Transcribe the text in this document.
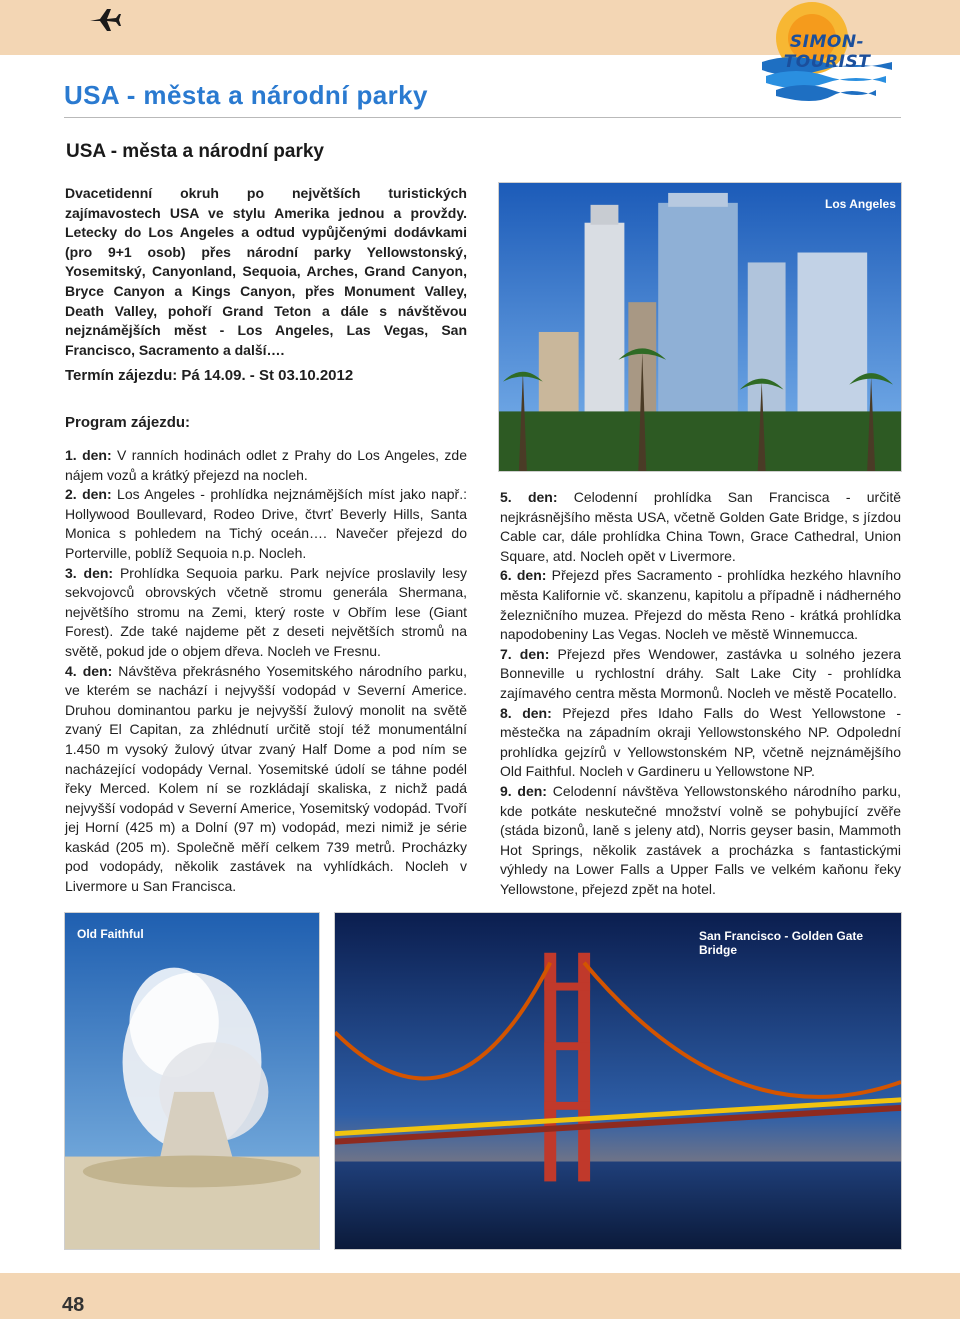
SIMON-TOURIST
USA - města a národní parky
USA - města a národní parky
Dvacetidenní okruh po největších turistických zajímavostech USA ve stylu Amerika jednou a provždy. Letecky do Los Angeles a odtud vypůjčenými dodávkami (pro 9+1 osob) přes národní parky Yellowstonský, Yosemitský, Canyonland, Sequoia, Arches, Grand Canyon, Bryce Canyon a Kings Canyon, přes Monument Valley, Death Valley, pohoří Grand Teton a dále s návštěvou nejznámějších měst - Los Angeles, Las Vegas, San Francisco, Sacramento a další….
Termín zájezdu: Pá 14.09. - St 03.10.2012
Program zájezdu:
1. den: V ranních hodinách odlet z Prahy do Los Angeles, zde nájem vozů a krátký přejezd na nocleh.
2. den: Los Angeles - prohlídka nejznámějších míst jako např.: Hollywood Boullevard, Rodeo Drive, čtvrť Beverly Hills, Santa Monica s pohledem na Tichý oceán…. Navečer přejezd do Porterville, poblíž Sequoia n.p. Nocleh.
3. den: Prohlídka Sequoia parku. Park nejvíce proslavily lesy sekvojovců obrovských včetně stromu generála Shermana, největšího stromu na Zemi, který roste v Obřím lese (Giant Forest). Zde také najdeme pět z deseti největších stromů na světě, pokud jde o objem dřeva. Nocleh ve Fresnu.
4. den: Návštěva překrásného Yosemitského národního parku, ve kterém se nachází i nejvyšší vodopád v Severní Americe. Druhou dominantou parku je nejvyšší žulový monolit na světě zvaný El Capitan, za zhlédnutí určitě stojí též monumentální 1.450 m vysoký žulový útvar zvaný Half Dome a pod ním se nacházející vodopády Vernal. Yosemitské údolí se táhne podél řeky Merced. Kolem ní se rozkládají skaliska, z nichž padá nejvyšší vodopád v Severní Americe, Yosemitský vodopád. Tvoří jej Horní (425 m) a Dolní (97 m) vodopád, mezi nimiž je série kaskád (205 m). Společně měří celkem 739 metrů. Procházky pod vodopády, několik zastávek na vyhlídkách. Nocleh v Livermore u San Francisca.
5. den: Celodenní prohlídka San Francisca - určitě nejkrásnějšího města USA, včetně Golden Gate Bridge, s jízdou Cable car, dále prohlídka China Town, Grace Cathedral, Union Square, atd. Nocleh opět v Livermore.
6. den: Přejezd přes Sacramento - prohlídka hezkého hlavního městа Kalifornie vč. skanzenu, kapitolu a případně i nádherného železničního muzea. Přejezd do města Reno - krátká prohlídka napodobeniny Las Vegas. Nocleh ve městě Winnemucca.
7. den: Přejezd přes Wendower, zastávka u solného jezera Bonneville u rychlostní dráhy. Salt Lake City - prohlídka zajímavého centra města Mormonů. Nocleh ve městě Pocatello.
8. den: Přejezd přes Idaho Falls do West Yellowstone - městečka na západním okraji Yellowstonského NP. Odpolední prohlídka gejzírů v Yellowstonském NP, včetně nejznámějšího Old Faithful. Nocleh v Gardineru u Yellowstone NP.
9. den: Celodenní návštěva Yellowstonského národního parku, kde potkáte neskutečné množství volně se pohybující zvěře (stáda bizonů, laně s jeleny atd), Norris geyser basin, Mammoth Hot Springs, několik zastávek a procházka s fantastickými výhledy na Lower Falls a Upper Falls ve velkém kaňonu řeky Yellowstone, přejezd zpět na hotel.
Los Angeles
Old Faithful	San Francisco - Golden Gate Bridge
48
